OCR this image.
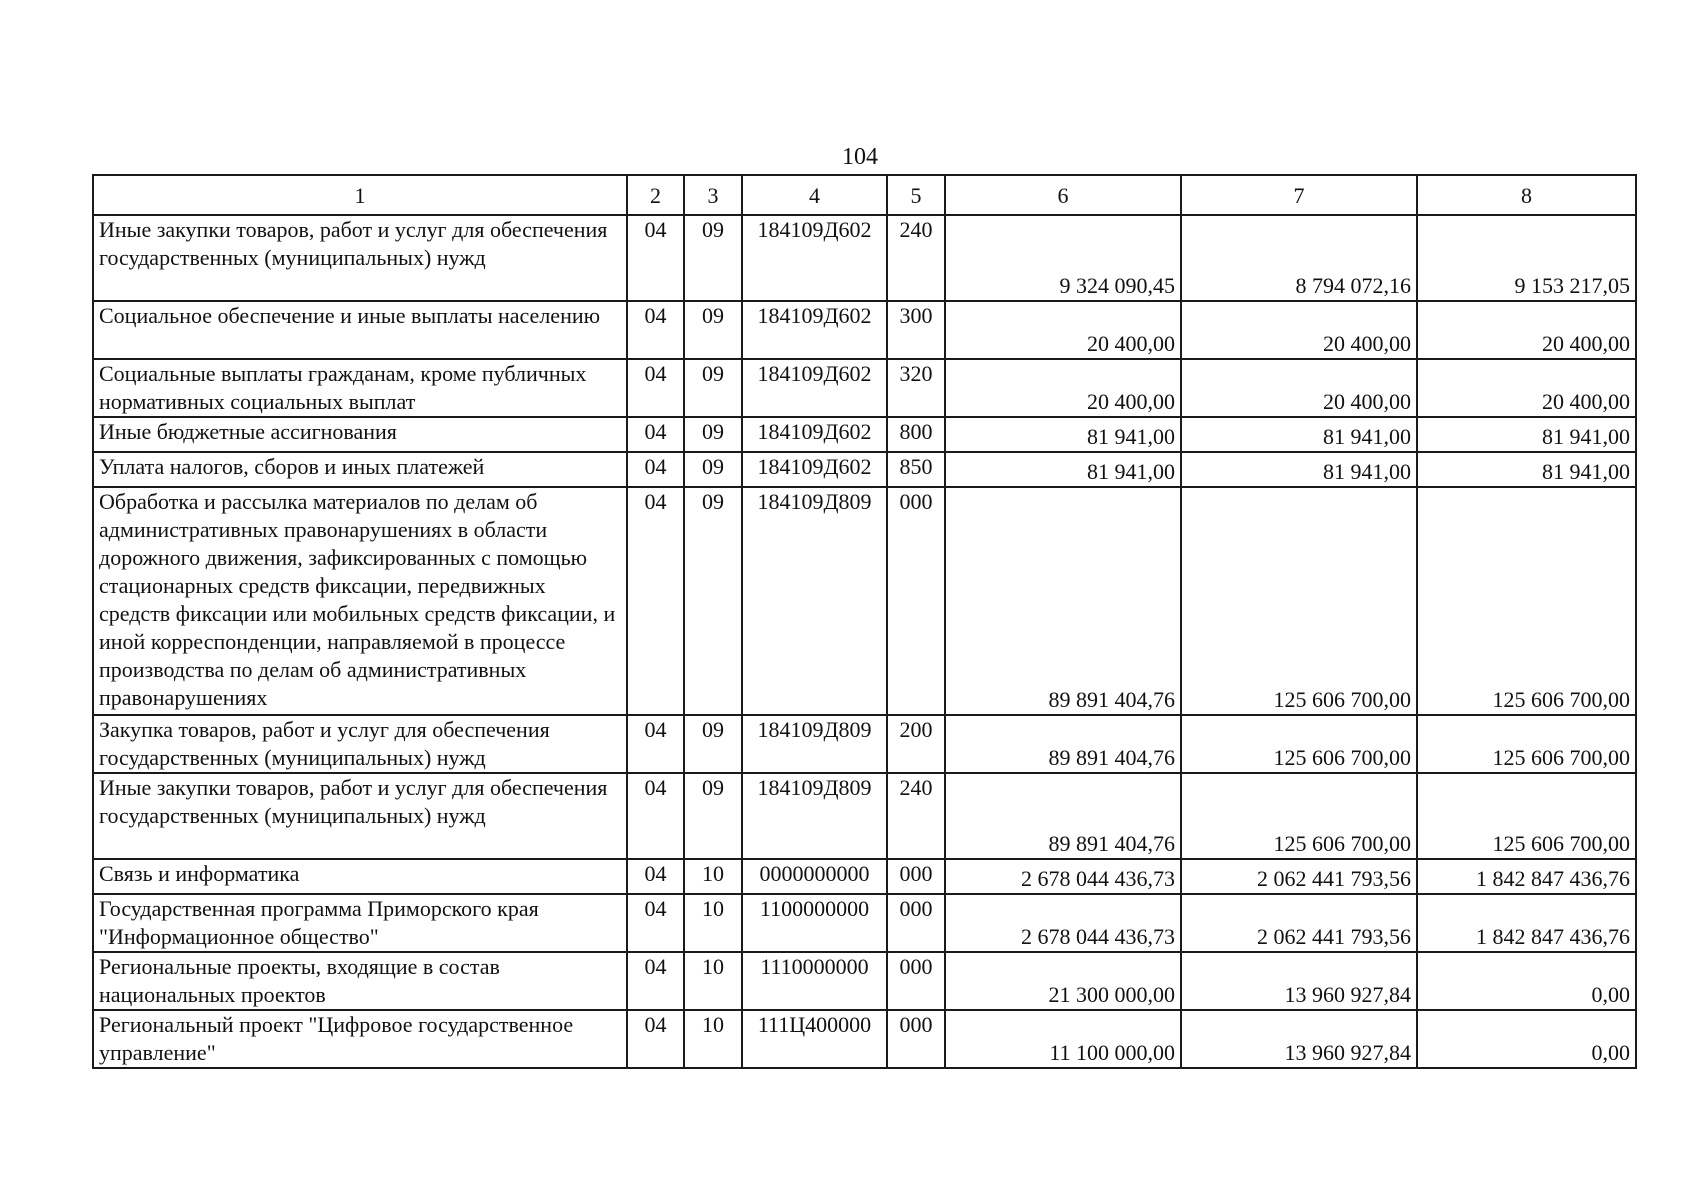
104
1	2	3	4	5	6	7	8
Иные закупки товаров, работ и услуг для обеспечения государственных (муниципальных) нужд	04	09	184109Д602	240	9 324 090,45	8 794 072,16	9 153 217,05
Социальное обеспечение и иные выплаты населению	04	09	184109Д602	300	20 400,00	20 400,00	20 400,00
Социальные выплаты гражданам, кроме публичных нормативных социальных выплат	04	09	184109Д602	320	20 400,00	20 400,00	20 400,00
Иные бюджетные ассигнования	04	09	184109Д602	800	81 941,00	81 941,00	81 941,00
Уплата налогов, сборов и иных платежей	04	09	184109Д602	850	81 941,00	81 941,00	81 941,00
Обработка и рассылка материалов по делам об административных правонарушениях в области дорожного движения, зафиксированных с помощью стационарных средств фиксации, передвижных средств фиксации или мобильных средств фиксации, и иной корреспонденции, направляемой в процессе производства по делам об административных правонарушениях	04	09	184109Д809	000	89 891 404,76	125 606 700,00	125 606 700,00
Закупка товаров, работ и услуг для обеспечения государственных (муниципальных) нужд	04	09	184109Д809	200	89 891 404,76	125 606 700,00	125 606 700,00
Иные закупки товаров, работ и услуг для обеспечения государственных (муниципальных) нужд	04	09	184109Д809	240	89 891 404,76	125 606 700,00	125 606 700,00
Связь и информатика	04	10	0000000000	000	2 678 044 436,73	2 062 441 793,56	1 842 847 436,76
Государственная программа Приморского края "Информационное общество"	04	10	1100000000	000	2 678 044 436,73	2 062 441 793,56	1 842 847 436,76
Региональные проекты, входящие в состав национальных проектов	04	10	1110000000	000	21 300 000,00	13 960 927,84	0,00
Региональный проект "Цифровое государственное управление"	04	10	111Ц400000	000	11 100 000,00	13 960 927,84	0,00
